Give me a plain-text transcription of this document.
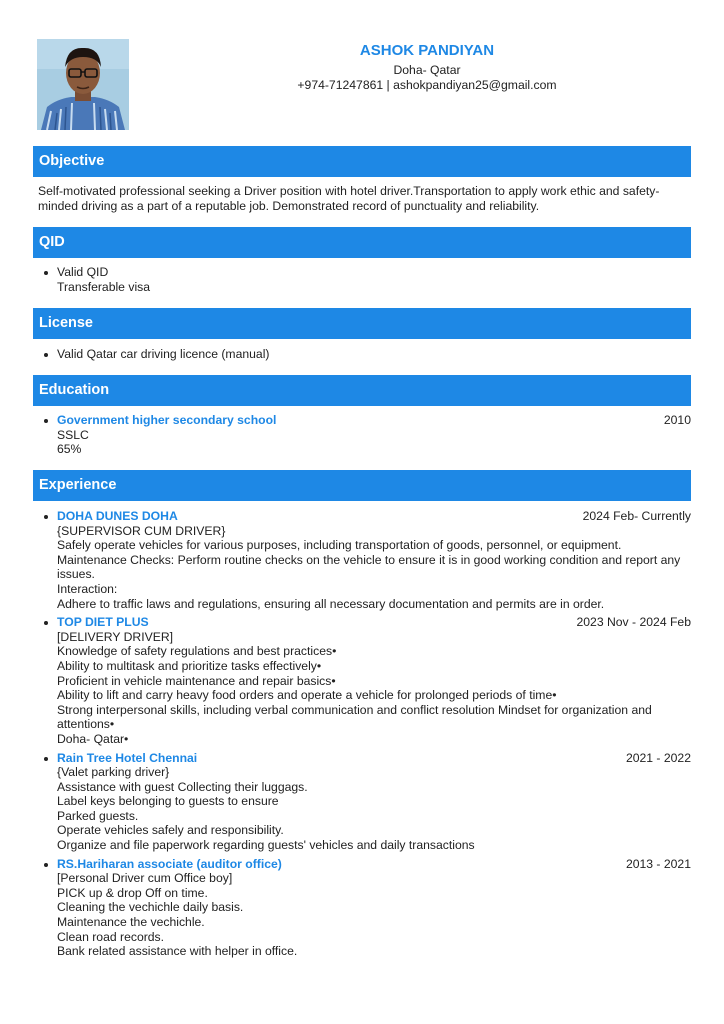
ASHOK PANDIYAN
Doha- Qatar
+974-71247861 | ashokpandiyan25@gmail.com
Objective
Self-motivated professional seeking a Driver position with hotel driver.Transportation to apply work ethic and safety-minded driving as a part of a reputable job. Demonstrated record of punctuality and reliability.
QID
Valid QID
Transferable visa
License
Valid Qatar car driving licence (manual)
Education
Government higher secondary school	2010
SSLC
65%
Experience
DOHA DUNES DOHA	2024 Feb- Currently
{SUPERVISOR CUM DRIVER}
Safely operate vehicles for various purposes, including transportation of goods, personnel, or equipment.
Maintenance Checks: Perform routine checks on the vehicle to ensure it is in good working condition and report any issues.
Interaction:
Adhere to traffic laws and regulations, ensuring all necessary documentation and permits are in order.
TOP DIET PLUS	2023 Nov - 2024 Feb
[DELIVERY DRIVER]
Knowledge of safety regulations and best practices•
Ability to multitask and prioritize tasks effectively•
Proficient in vehicle maintenance and repair basics•
Ability to lift and carry heavy food orders and operate a vehicle for prolonged periods of time•
Strong interpersonal skills, including verbal communication and conflict resolution Mindset for organization and attentions•
Doha- Qatar•
Rain Tree Hotel Chennai	2021 - 2022
{Valet parking driver}
Assistance with guest Collecting their luggags.
Label keys belonging to guests to ensure
Parked guests.
Operate vehicles safely and responsibility.
Organize and file paperwork regarding guests' vehicles and daily transactions
RS.Hariharan associate (auditor office)	2013 - 2021
[Personal Driver cum Office boy]
PICK up & drop Off on time.
Cleaning the vechichle daily basis.
Maintenance the vechichle.
Clean road records.
Bank related assistance with helper in office.
